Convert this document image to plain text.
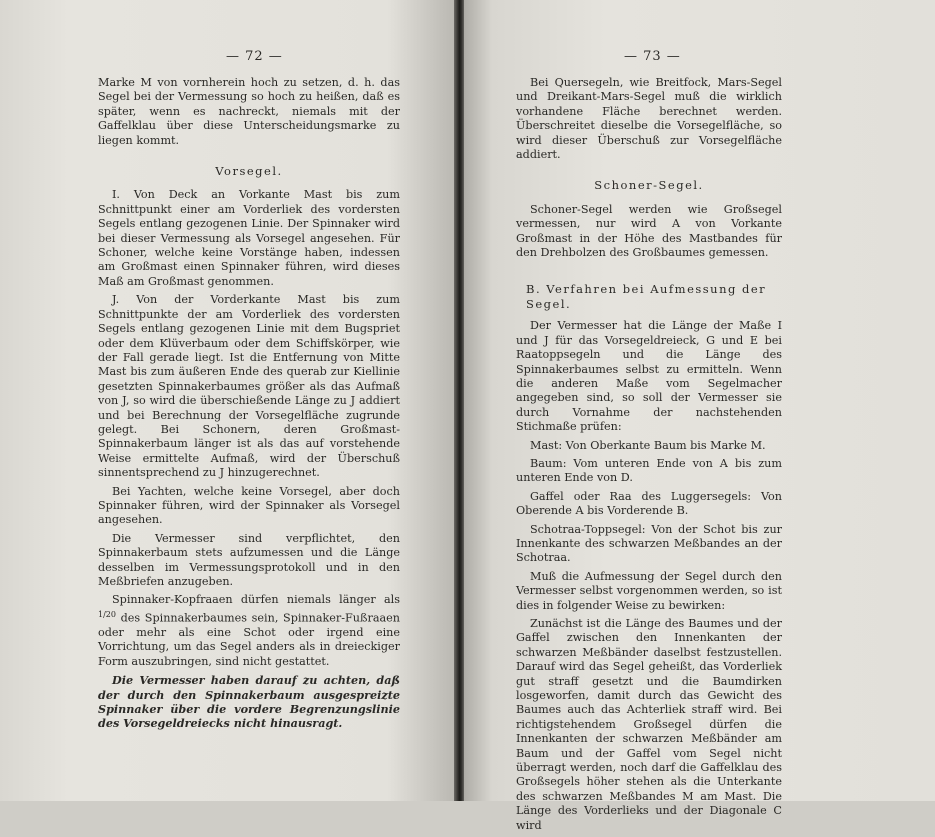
— 72 —

Marke M von vornherein hoch zu setzen, d. h. das Segel bei der Vermessung so hoch zu heißen, daß es später, wenn es nachreckt, niemals mit der Gaffelklau über diese Unterscheidungsmarke zu liegen kommt.

Vorsegel.

I. Von Deck an Vorkante Mast bis zum Schnittpunkt einer am Vorderliek des vordersten Segels entlang gezogenen Linie. Der Spinnaker wird bei dieser Vermessung als Vorsegel angesehen. Für Schoner, welche keine Vorstänge haben, indessen am Großmast einen Spinnaker führen, wird dieses Maß am Großmast genommen.

J. Von der Vorderkante Mast bis zum Schnittpunkte der am Vorderliek des vordersten Segels entlang gezogenen Linie mit dem Bugspriet oder dem Klüverbaum oder dem Schiffskörper, wie der Fall gerade liegt. Ist die Entfernung von Mitte Mast bis zum äußeren Ende des querab zur Kiellinie gesetzten Spinnakerbaumes größer als das Aufmaß von J, so wird die überschießende Länge zu J addiert und bei Berechnung der Vorsegelfläche zugrunde gelegt. Bei Schonern, deren Großmast-Spinnakerbaum länger ist als das auf vorstehende Weise ermittelte Aufmaß, wird der Überschuß sinnentsprechend zu J hinzugerechnet.

Bei Yachten, welche keine Vorsegel, aber doch Spinnaker führen, wird der Spinnaker als Vorsegel angesehen.

Die Vermesser sind verpflichtet, den Spinnakerbaum stets aufzumessen und die Länge desselben im Vermessungsprotokoll und in den Meßbriefen anzugeben.

Spinnaker-Kopfraaen dürfen niemals länger als $^{1/20}$ des Spinnakerbaumes sein, Spinnaker-Fußraaen oder mehr als eine Schot oder irgend eine Vorrichtung, um das Segel anders als in dreieckiger Form auszubringen, sind nicht gestattet.

Die Vermesser haben darauf zu achten, daß der durch den Spinnakerbaum ausgespreizte Spinnaker über die vordere Begrenzungslinie des Vorsegeldreiecks nicht hinausragt.

— 73 —

Bei Quersegeln, wie Breitfock, Mars-Segel und Dreikant-Mars-Segel muß die wirklich vorhandene Fläche berechnet werden. Überschreitet dieselbe die Vorsegelfläche, so wird dieser Überschuß zur Vorsegelfläche addiert.

Schoner-Segel.

Schoner-Segel werden wie Großsegel vermessen, nur wird A von Vorkante Großmast in der Höhe des Mastbandes für den Drehbolzen des Großbaumes gemessen.

B. Verfahren bei Aufmessung der Segel.

Der Vermesser hat die Länge der Maße I und J für das Vorsegeldreieck, G und E bei Raatoppsegeln und die Länge des Spinnakerbaumes selbst zu ermitteln. Wenn die anderen Maße vom Segelmacher angegeben sind, so soll der Vermesser sie durch Vornahme der nachstehenden Stichmaße prüfen:

Mast: Von Oberkante Baum bis Marke M.

Baum: Vom unteren Ende von A bis zum unteren Ende von D.

Gaffel oder Raa des Luggersegels: Von Oberende A bis Vorderende B.

Schotraa-Toppsegel: Von der Schot bis zur Innenkante des schwarzen Meßbandes an der Schotraa.

Muß die Aufmessung der Segel durch den Vermesser selbst vorgenommen werden, so ist dies in folgender Weise zu bewirken:

Zunächst ist die Länge des Baumes und der Gaffel zwischen den Innenkanten der schwarzen Meßbänder daselbst festzustellen. Darauf wird das Segel geheißt, das Vorderliek gut straff gesetzt und die Baumdirken losgeworfen, damit durch das Gewicht des Baumes auch das Achterliek straff wird. Bei richtigstehendem Großsegel dürfen die Innenkanten der schwarzen Meßbänder am Baum und der Gaffel vom Segel nicht überragt werden, noch darf die Gaffelklau des Großsegels höher stehen als die Unterkante des schwarzen Meßbandes M am Mast. Die Länge des Vorderlieks und der Diagonale C wird
